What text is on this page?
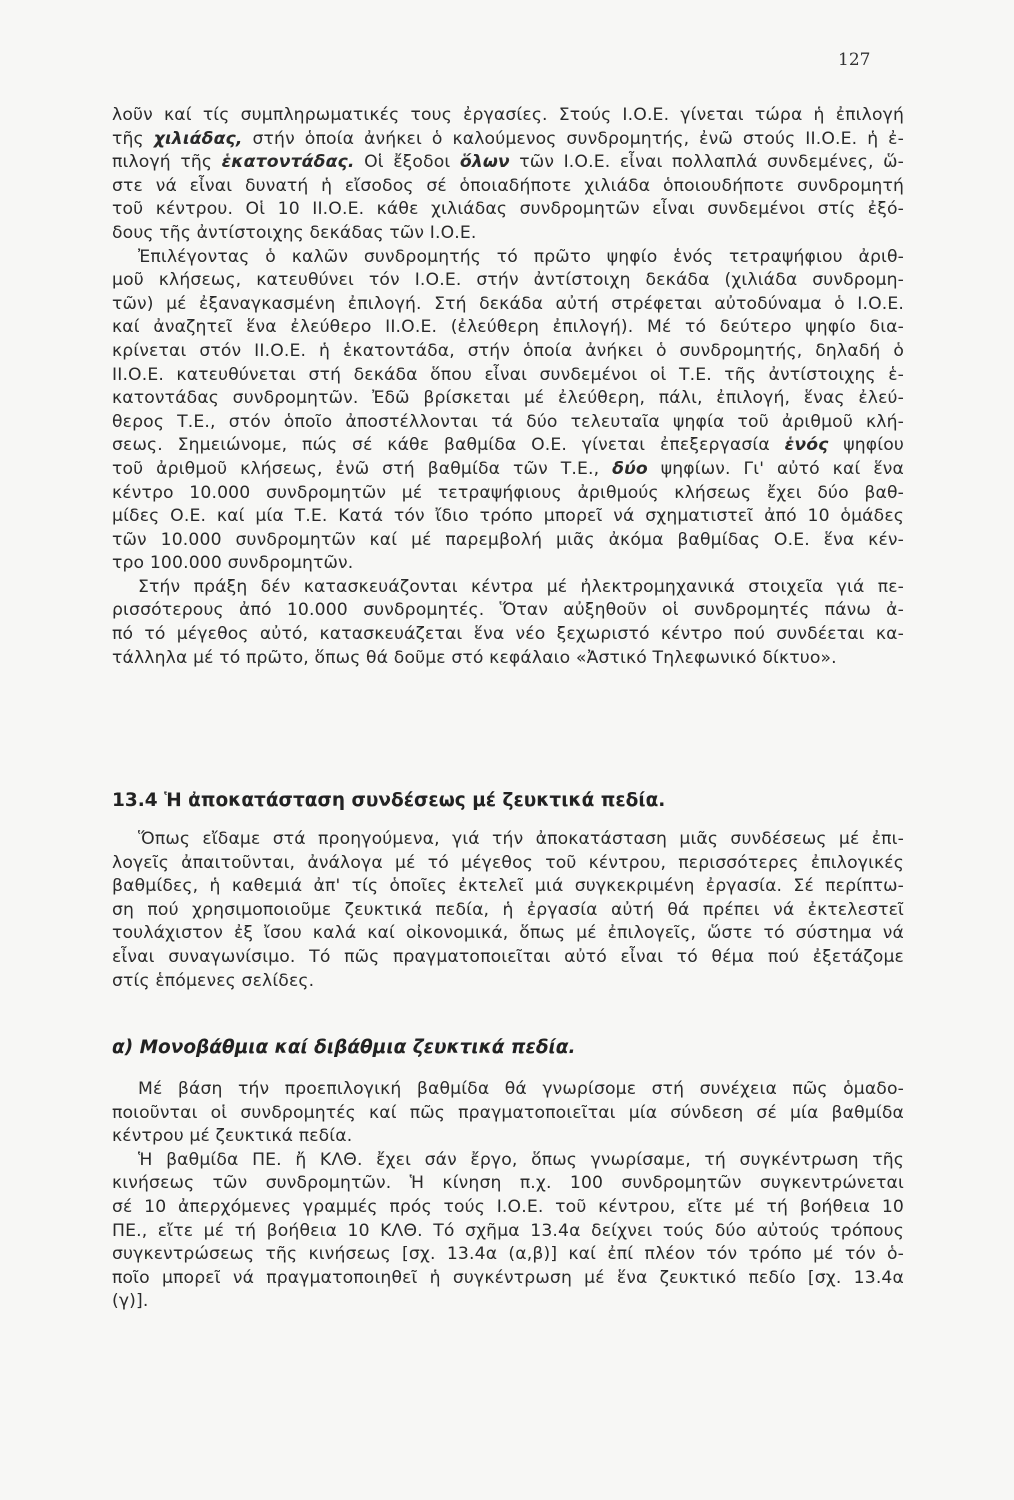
127
λοῦν καί τίς συμπληρωματικές τους ἐργασίες. Στούς Ι.Ο.Ε. γίνεται τώρα ἡ ἐπιλογή
τῆς χιλιάδας, στήν ὁποία ἀνήκει ὁ καλούμενος συνδρομητής, ἐνῶ στούς ΙΙ.Ο.Ε. ἡ ἐ-
πιλογή τῆς ἑκατοντάδας. Οἱ ἔξοδοι ὅλων τῶν Ι.Ο.Ε. εἶναι πολλαπλά συνδεμένες, ὥ-
στε νά εἶναι δυνατή ἡ εἴσοδος σέ ὁποιαδήποτε χιλιάδα ὁποιουδήποτε συνδρομητή
τοῦ κέντρου. Οἱ 10 ΙΙ.Ο.Ε. κάθε χιλιάδας συνδρομητῶν εἶναι συνδεμένοι στίς ἐξό-
δους τῆς ἀντίστοιχης δεκάδας τῶν Ι.Ο.Ε.
Ἐπιλέγοντας ὁ καλῶν συνδρομητής τό πρῶτο ψηφίο ἑνός τετραψήφιου ἀριθ-
μοῦ κλήσεως, κατευθύνει τόν Ι.Ο.Ε. στήν ἀντίστοιχη δεκάδα (χιλιάδα συνδρομη-
τῶν) μέ ἐξαναγκασμένη ἐπιλογή. Στή δεκάδα αὐτή στρέφεται αὐτοδύναμα ὁ Ι.Ο.Ε.
καί ἀναζητεῖ ἕνα ἐλεύθερο ΙΙ.Ο.Ε. (ἐλεύθερη ἐπιλογή). Μέ τό δεύτερο ψηφίο δια-
κρίνεται στόν ΙΙ.Ο.Ε. ἡ ἑκατοντάδα, στήν ὁποία ἀνήκει ὁ συνδρομητής, δηλαδή ὁ
ΙΙ.Ο.Ε. κατευθύνεται στή δεκάδα ὅπου εἶναι συνδεμένοι οἱ Τ.Ε. τῆς ἀντίστοιχης ἑ-
κατοντάδας συνδρομητῶν. Ἐδῶ βρίσκεται μέ ἐλεύθερη, πάλι, ἐπιλογή, ἕνας ἐλεύ-
θερος Τ.Ε., στόν ὁποῖο ἀποστέλλονται τά δύο τελευταῖα ψηφία τοῦ ἀριθμοῦ κλή-
σεως. Σημειώνομε, πώς σέ κάθε βαθμίδα Ο.Ε. γίνεται ἐπεξεργασία ἑνός ψηφίου
τοῦ ἀριθμοῦ κλήσεως, ἐνῶ στή βαθμίδα τῶν Τ.Ε., δύο ψηφίων. Γι' αὐτό καί ἕνα
κέντρο 10.000 συνδρομητῶν μέ τετραψήφιους ἀριθμούς κλήσεως ἔχει δύο βαθ-
μίδες Ο.Ε. καί μία Τ.Ε. Κατά τόν ἴδιο τρόπο μπορεῖ νά σχηματιστεῖ ἀπό 10 ὁμάδες
τῶν 10.000 συνδρομητῶν καί μέ παρεμβολή μιᾶς ἀκόμα βαθμίδας Ο.Ε. ἕνα κέν-
τρο 100.000 συνδρομητῶν.
Στήν πράξη δέν κατασκευάζονται κέντρα μέ ἠλεκτρομηχανικά στοιχεῖα γιά πε-
ρισσότερους ἀπό 10.000 συνδρομητές. Ὅταν αὐξηθοῦν οἱ συνδρομητές πάνω ἀ-
πό τό μέγεθος αὐτό, κατασκευάζεται ἕνα νέο ξεχωριστό κέντρο πού συνδέεται κα-
τάλληλα μέ τό πρῶτο, ὅπως θά δοῦμε στό κεφάλαιο «Ἀστικό Τηλεφωνικό δίκτυο».
13.4 Ἡ ἀποκατάσταση συνδέσεως μέ ζευκτικά πεδία.
Ὅπως εἴδαμε στά προηγούμενα, γιά τήν ἀποκατάσταση μιᾶς συνδέσεως μέ ἐπι-
λογεῖς ἀπαιτοῦνται, ἀνάλογα μέ τό μέγεθος τοῦ κέντρου, περισσότερες ἐπιλογικές
βαθμίδες, ἡ καθεμιά ἀπ' τίς ὁποῖες ἐκτελεῖ μιά συγκεκριμένη ἐργασία. Σέ περίπτω-
ση πού χρησιμοποιοῦμε ζευκτικά πεδία, ἡ ἐργασία αὐτή θά πρέπει νά ἐκτελεστεῖ
τουλάχιστον ἐξ ἴσου καλά καί οἰκονομικά, ὅπως μέ ἐπιλογεῖς, ὥστε τό σύστημα νά
εἶναι συναγωνίσιμο. Τό πῶς πραγματοποιεῖται αὐτό εἶναι τό θέμα πού ἐξετάζομε
στίς ἑπόμενες σελίδες.
α) Μονοβάθμια καί διβάθμια ζευκτικά πεδία.
Μέ βάση τήν προεπιλογική βαθμίδα θά γνωρίσομε στή συνέχεια πῶς ὁμαδο-
ποιοῦνται οἱ συνδρομητές καί πῶς πραγματοποιεῖται μία σύνδεση σέ μία βαθμίδα
κέντρου μέ ζευκτικά πεδία.
Ἡ βαθμίδα ΠΕ. ἤ ΚΛΘ. ἔχει σάν ἔργο, ὅπως γνωρίσαμε, τή συγκέντρωση τῆς
κινήσεως τῶν συνδρομητῶν. Ἡ κίνηση π.χ. 100 συνδρομητῶν συγκεντρώνεται
σέ 10 ἀπερχόμενες γραμμές πρός τούς Ι.Ο.Ε. τοῦ κέντρου, εἴτε μέ τή βοήθεια 10
ΠΕ., εἴτε μέ τή βοήθεια 10 ΚΛΘ. Τό σχῆμα 13.4α δείχνει τούς δύο αὐτούς τρόπους
συγκεντρώσεως τῆς κινήσεως [σχ. 13.4α (α,β)] καί ἐπί πλέον τόν τρόπο μέ τόν ὁ-
ποῖο μπορεῖ νά πραγματοποιηθεῖ ἡ συγκέντρωση μέ ἕνα ζευκτικό πεδίο [σχ. 13.4α
(γ)].
